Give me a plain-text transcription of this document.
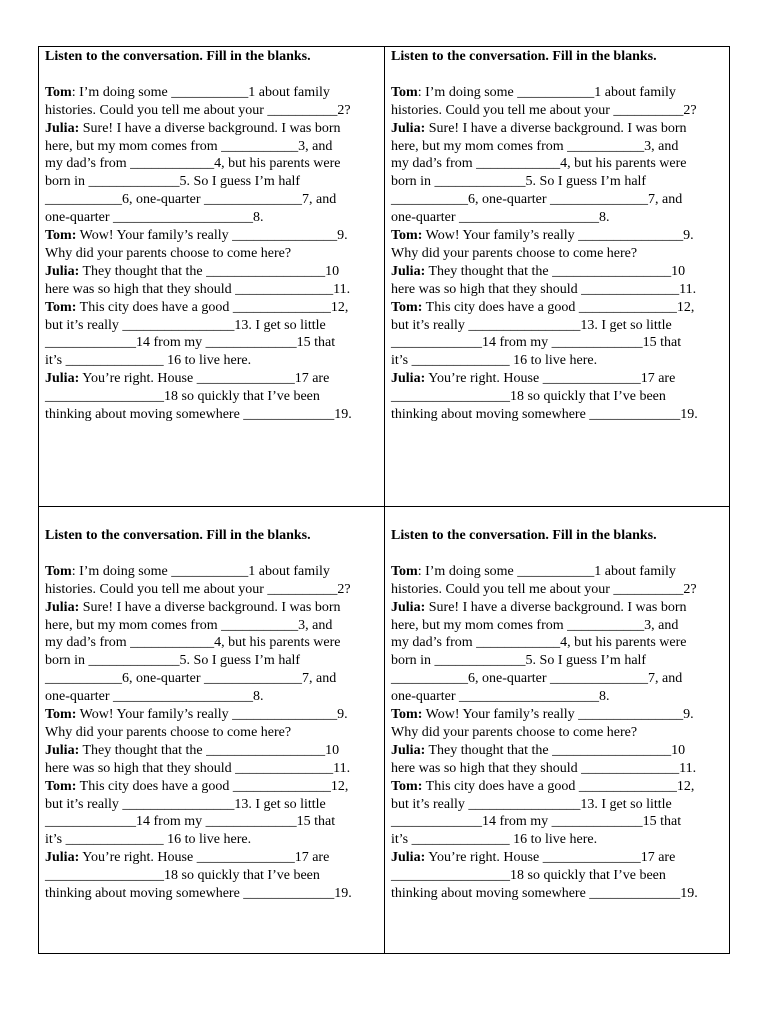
Listen to the conversation. Fill in the blanks.

Tom: I’m doing some ___________1 about family

histories. Could you tell me about your __________2?

Julia: Sure! I have a diverse background. I was born

here, but my mom comes from ___________3, and

my dad’s from ____________4, but his parents were

born in _____________5. So I guess I’m half

___________6, one-quarter ______________7, and

one-quarter ____________________8.

Tom: Wow! Your family’s really _______________9.

Why did your parents choose to come here?

Julia: They thought that the _________________10

here was so high that they should ______________11.

Tom: This city does have a good ______________12,

but it’s really ________________13. I get so little

_____________14 from my _____________15 that

it’s ______________ 16 to live here.

Julia: You’re right. House ______________17 are

_________________18 so quickly that I’ve been

thinking about moving somewhere _____________19.

Listen to the conversation. Fill in the blanks.

Tom: I’m doing some ___________1 about family

histories. Could you tell me about your __________2?

Julia: Sure! I have a diverse background. I was born

here, but my mom comes from ___________3, and

my dad’s from ____________4, but his parents were

born in _____________5. So I guess I’m half

___________6, one-quarter ______________7, and

one-quarter ____________________8.

Tom: Wow! Your family’s really _______________9.

Why did your parents choose to come here?

Julia: They thought that the _________________10

here was so high that they should ______________11.

Tom: This city does have a good ______________12,

but it’s really ________________13. I get so little

_____________14 from my _____________15 that

it’s ______________ 16 to live here.

Julia: You’re right. House ______________17 are

_________________18 so quickly that I’ve been

thinking about moving somewhere _____________19.

Listen to the conversation. Fill in the blanks.

Tom: I’m doing some ___________1 about family

histories. Could you tell me about your __________2?

Julia: Sure! I have a diverse background. I was born

here, but my mom comes from ___________3, and

my dad’s from ____________4, but his parents were

born in _____________5. So I guess I’m half

___________6, one-quarter ______________7, and

one-quarter ____________________8.

Tom: Wow! Your family’s really _______________9.

Why did your parents choose to come here?

Julia: They thought that the _________________10

here was so high that they should ______________11.

Tom: This city does have a good ______________12,

but it’s really ________________13. I get so little

_____________14 from my _____________15 that

it’s ______________ 16 to live here.

Julia: You’re right. House ______________17 are

_________________18 so quickly that I’ve been

thinking about moving somewhere _____________19.

Listen to the conversation. Fill in the blanks.

Tom: I’m doing some ___________1 about family

histories. Could you tell me about your __________2?

Julia: Sure! I have a diverse background. I was born

here, but my mom comes from ___________3, and

my dad’s from ____________4, but his parents were

born in _____________5. So I guess I’m half

___________6, one-quarter ______________7, and

one-quarter ____________________8.

Tom: Wow! Your family’s really _______________9.

Why did your parents choose to come here?

Julia: They thought that the _________________10

here was so high that they should ______________11.

Tom: This city does have a good ______________12,

but it’s really ________________13. I get so little

_____________14 from my _____________15 that

it’s ______________ 16 to live here.

Julia: You’re right. House ______________17 are

_________________18 so quickly that I’ve been

thinking about moving somewhere _____________19.
